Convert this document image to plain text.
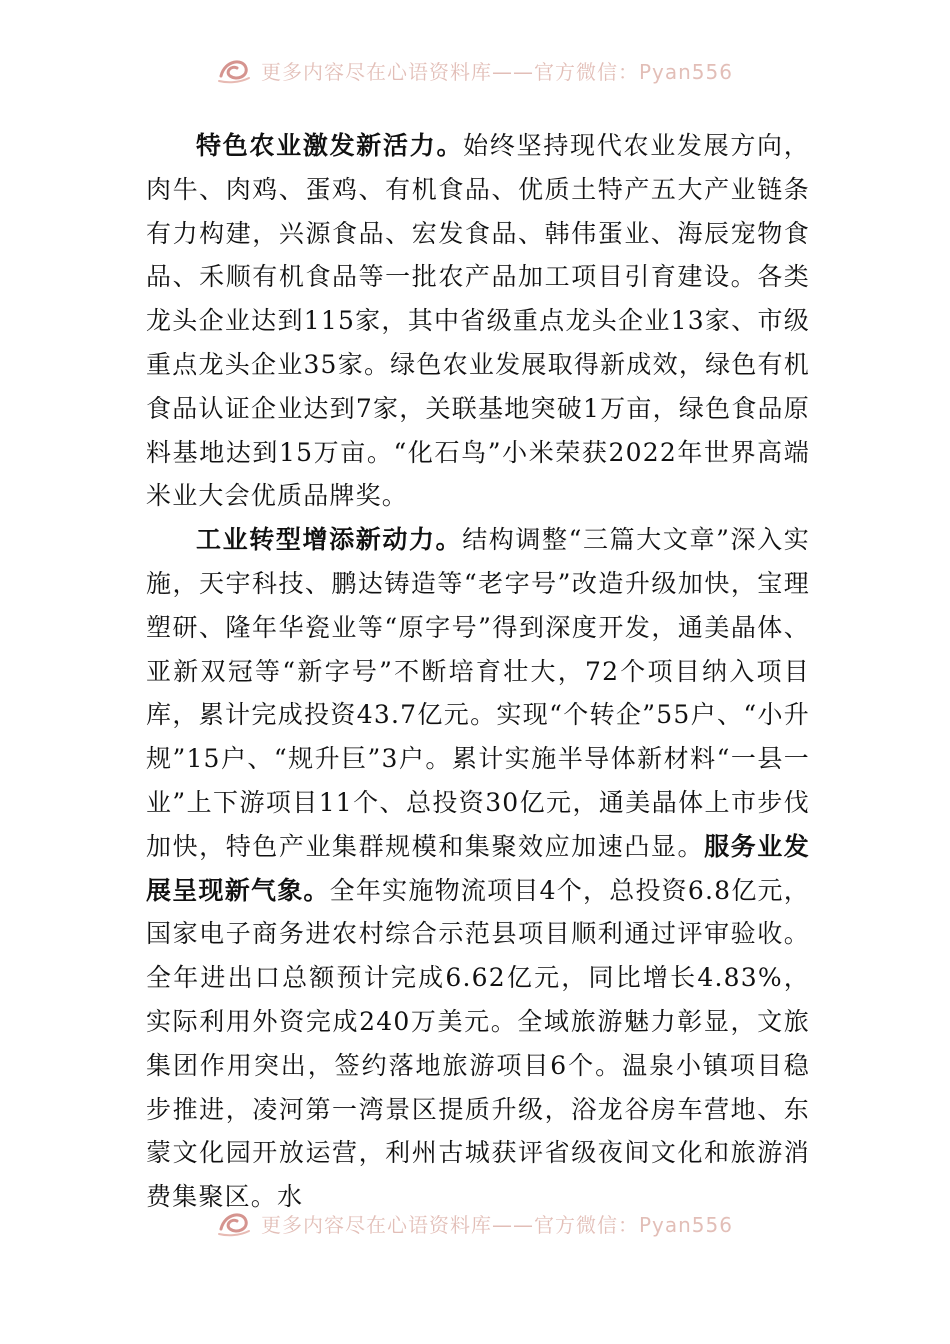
更多内容尽在心语资料库——官方微信：Pyan556

特色农业激发新活力。始终坚持现代农业发展方向，肉牛、肉鸡、蛋鸡、有机食品、优质土特产五大产业链条有力构建，兴源食品、宏发食品、韩伟蛋业、海辰宠物食品、禾顺有机食品等一批农产品加工项目引育建设。各类龙头企业达到115家，其中省级重点龙头企业13家、市级重点龙头企业35家。绿色农业发展取得新成效，绿色有机食品认证企业达到7家，关联基地突破1万亩，绿色食品原料基地达到15万亩。“化石鸟”小米荣获2022年世界高端米业大会优质品牌奖。

工业转型增添新动力。结构调整“三篇大文章”深入实施，天宇科技、鹏达铸造等“老字号”改造升级加快，宝理塑研、隆年华瓷业等“原字号”得到深度开发，通美晶体、亚新双冠等“新字号”不断培育壮大，72个项目纳入项目库，累计完成投资43.7亿元。实现“个转企”55户、“小升规”15户、“规升巨”3户。累计实施半导体新材料“一县一业”上下游项目11个、总投资30亿元，通美晶体上市步伐加快，特色产业集群规模和集聚效应加速凸显。服务业发展呈现新气象。全年实施物流项目4个，总投资6.8亿元，国家电子商务进农村综合示范县项目顺利通过评审验收。全年进出口总额预计完成6.62亿元，同比增长4.83%，实际利用外资完成240万美元。全域旅游魅力彰显，文旅集团作用突出，签约落地旅游项目6个。温泉小镇项目稳步推进，凌河第一湾景区提质升级，浴龙谷房车营地、东蒙文化园开放运营，利州古城获评省级夜间文化和旅游消费集聚区。水

更多内容尽在心语资料库——官方微信：Pyan556
